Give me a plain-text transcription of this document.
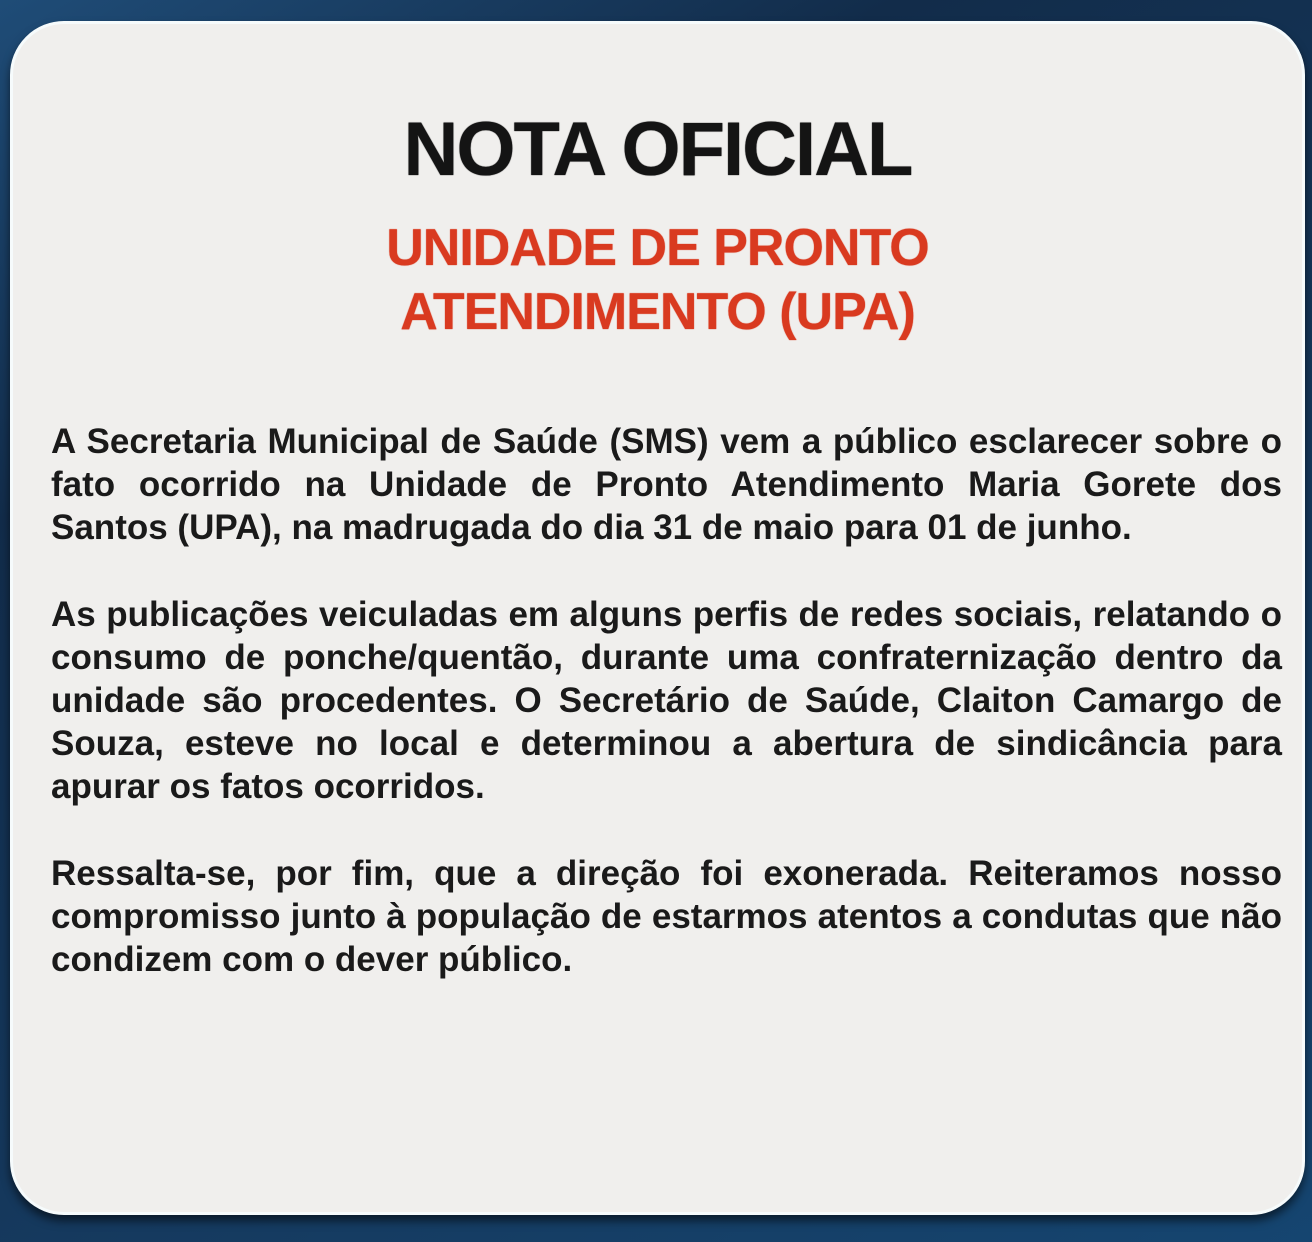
NOTA OFICIAL
UNIDADE DE PRONTO
ATENDIMENTO (UPA)

A Secretaria Municipal de Saúde (SMS) vem a público esclarecer sobre o fato ocorrido na Unidade de Pronto Atendimento Maria Gorete dos Santos (UPA), na madrugada do dia 31 de maio para 01 de junho.

As publicações veiculadas em alguns perfis de redes sociais, relatando o consumo de ponche/quentão, durante uma confraternização dentro da unidade são procedentes. O Secretário de Saúde, Claiton Camargo de Souza, esteve no local e determinou a abertura de sindicância para apurar os fatos ocorridos.

Ressalta-se, por fim, que a direção foi exonerada. Reiteramos nosso compromisso junto à população de estarmos atentos a condutas que não condizem com o dever público.
